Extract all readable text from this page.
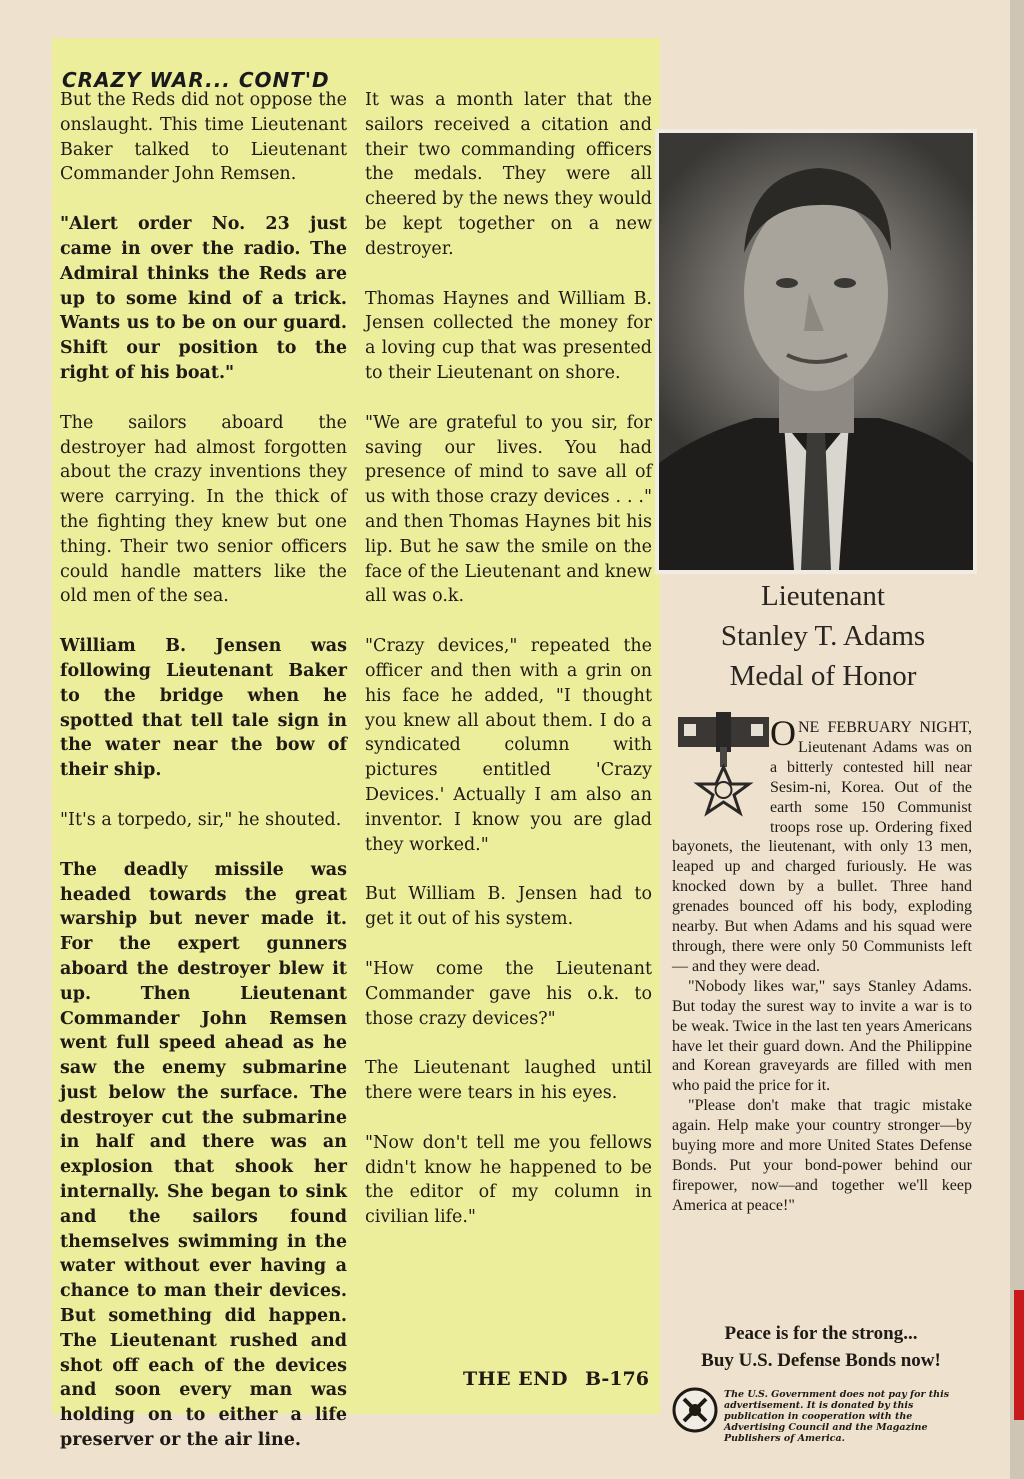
CRAZY WAR... CONT'D

But the Reds did not oppose the onslaught. This time Lieutenant Baker talked to Lieutenant Commander John Remsen.

"Alert order No. 23 just came in over the radio. The Admiral thinks the Reds are up to some kind of a trick. Wants us to be on our guard. Shift our position to the right of his boat."

The sailors aboard the destroyer had almost forgotten about the crazy inventions they were carrying. In the thick of the fighting they knew but one thing. Their two senior officers could handle matters like the old men of the sea.

William B. Jensen was following Lieutenant Baker to the bridge when he spotted that tell tale sign in the water near the bow of their ship.

"It's a torpedo, sir," he shouted.

The deadly missile was headed towards the great warship but never made it. For the expert gunners aboard the destroyer blew it up. Then Lieutenant Commander John Remsen went full speed ahead as he saw the enemy submarine just below the surface. The destroyer cut the submarine in half and there was an explosion that shook her internally. She began to sink and the sailors found themselves swimming in the water without ever having a chance to man their devices. But something did happen. The Lieutenant rushed and shot off each of the devices and soon every man was holding on to either a life preserver or the air line.

It was a month later that the sailors received a citation and their two commanding officers the medals. They were all cheered by the news they would be kept together on a new destroyer.

Thomas Haynes and William B. Jensen collected the money for a loving cup that was presented to their Lieutenant on shore.

"We are grateful to you sir, for saving our lives. You had presence of mind to save all of us with those crazy devices . . ." and then Thomas Haynes bit his lip. But he saw the smile on the face of the Lieutenant and knew all was o.k.

"Crazy devices," repeated the officer and then with a grin on his face he added, "I thought you knew all about them. I do a syndicated column with pictures entitled 'Crazy Devices.' Actually I am also an inventor. I know you are glad they worked."

But William B. Jensen had to get it out of his system.

"How come the Lieutenant Commander gave his o.k. to those crazy devices?"

The Lieutenant laughed until there were tears in his eyes.

"Now don't tell me you fellows didn't know he happened to be the editor of my column in civilian life."

THE END B-176
Lieutenant
Stanley T. Adams
Medal of Honor

ONE FEBRUARY NIGHT, Lieutenant Adams was on a bitterly contested hill near Sesim-ni, Korea. Out of the earth some 150 Communist troops rose up. Ordering fixed bayonets, the lieutenant, with only 13 men, leaped up and charged furiously. He was knocked down by a bullet. Three hand grenades bounced off his body, exploding nearby. But when Adams and his squad were through, there were only 50 Communists left — and they were dead.

"Nobody likes war," says Stanley Adams. But today the surest way to invite a war is to be weak. Twice in the last ten years Americans have let their guard down. And the Philippine and Korean graveyards are filled with men who paid the price for it.

"Please don't make that tragic mistake again. Help make your country stronger—by buying more and more United States Defense Bonds. Put your bond-power behind our firepower, now—and together we'll keep America at peace!"

Peace is for the strong...
Buy U.S. Defense Bonds now!
The U.S. Government does not pay for this advertisement. It is donated by this publication in cooperation with the Advertising Council and the Magazine Publishers of America.
